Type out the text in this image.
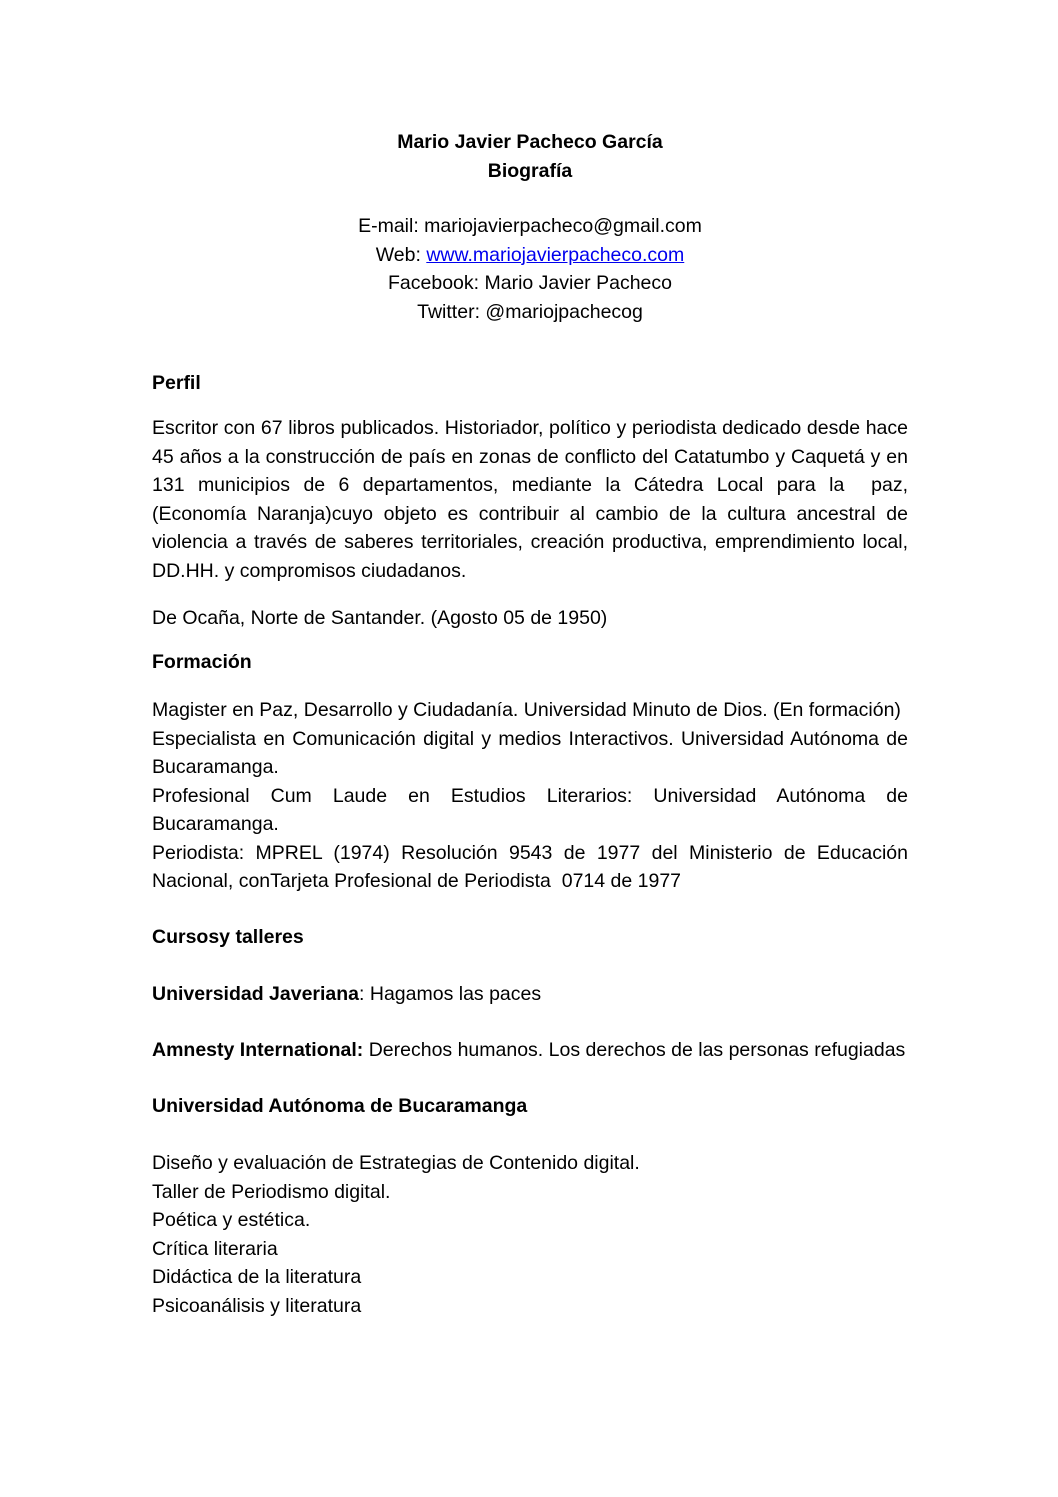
Mario Javier Pacheco García
Biografía
E-mail: mariojavierpacheco@gmail.com
Web: www.mariojavierpacheco.com
Facebook: Mario Javier Pacheco
Twitter: @mariojpachecog
Perfil
Escritor con 67 libros publicados. Historiador, político y periodista dedicado desde hace 45 años a la construcción de país en zonas de conflicto del Catatumbo y Caquetá y en 131 municipios de 6 departamentos, mediante la Cátedra Local para la  paz, (Economía Naranja)cuyo objeto es contribuir al cambio de la cultura ancestral de violencia a través de saberes territoriales, creación productiva, emprendimiento local, DD.HH. y compromisos ciudadanos.
De Ocaña, Norte de Santander. (Agosto 05 de 1950)
Formación
Magister en Paz, Desarrollo y Ciudadanía. Universidad Minuto de Dios. (En formación)
Especialista en Comunicación digital y medios Interactivos. Universidad Autónoma de Bucaramanga.
Profesional Cum Laude en Estudios Literarios: Universidad Autónoma de Bucaramanga.
Periodista: MPREL (1974) Resolución 9543 de 1977 del Ministerio de Educación Nacional, conTarjeta Profesional de Periodista  0714 de 1977
Cursosy talleres
Universidad Javeriana: Hagamos las paces
Amnesty International: Derechos humanos. Los derechos de las personas refugiadas
Universidad Autónoma de Bucaramanga
Diseño y evaluación de Estrategias de Contenido digital.
Taller de Periodismo digital.
Poética y estética.
Crítica literaria
Didáctica de la literatura
Psicoanálisis y literatura
